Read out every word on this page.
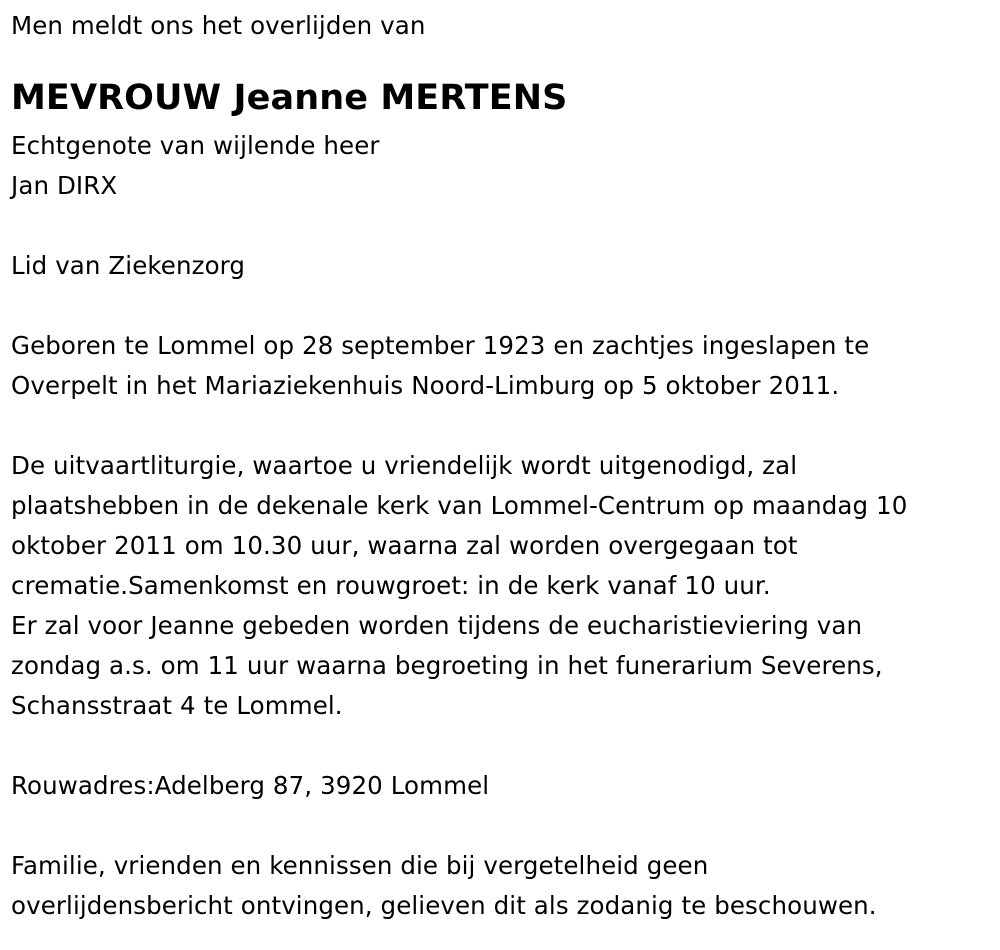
Men meldt ons het overlijden van
MEVROUW Jeanne MERTENS
Echtgenote van wijlende heer
Jan DIRX
Lid van Ziekenzorg
Geboren te Lommel op 28 september 1923 en zachtjes ingeslapen te
Overpelt in het Mariaziekenhuis Noord-Limburg op 5 oktober 2011.
De uitvaartliturgie, waartoe u vriendelijk wordt uitgenodigd, zal
plaatshebben in de dekenale kerk van Lommel-Centrum op maandag 10
oktober 2011 om 10.30 uur, waarna zal worden overgegaan tot
crematie.Samenkomst en rouwgroet: in de kerk vanaf 10 uur.
Er zal voor Jeanne gebeden worden tijdens de eucharistieviering van
zondag a.s. om 11 uur waarna begroeting in het funerarium Severens,
Schansstraat 4 te Lommel.
Rouwadres:Adelberg 87, 3920 Lommel
Familie, vrienden en kennissen die bij vergetelheid geen
overlijdensbericht ontvingen, gelieven dit als zodanig te beschouwen.
